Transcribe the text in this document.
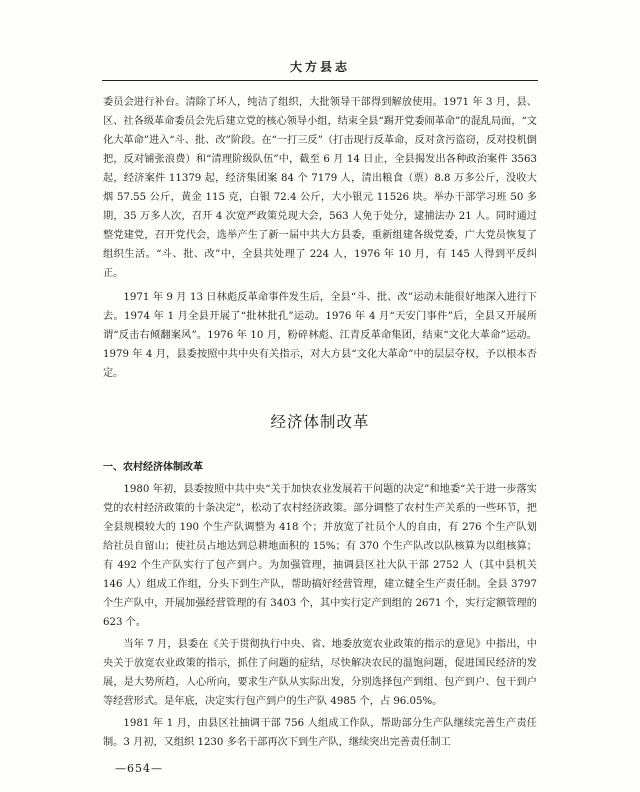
大方县志

委员会进行补台。清除了坏人，纯洁了组织，大批领导干部得到解放使用。1971 年 3 月，县、区、社各级革命委员会先后建立党的核心领导小组，结束全县“踢开党委闹革命”的混乱局面，“文化大革命”进入“斗、批、改”阶段。在“一打三反”（打击现行反革命，反对贪污盗窃，反对投机倒把，反对铺张浪费）和“清理阶级队伍”中，截至 6 月 14 日止，全县揭发出各种政治案件 3563 起，经济案件 11379 起，经济集团案 84 个 7179 人，清出粮食（票）8.8 万多公斤，没收大烟 57.55 公斤，黄金 115 克，白银 72.4 公斤，大小银元 11526 块。举办干部学习班 50 多期，35 万多人次，召开 4 次宽严政策兑现大会，563 人免于处分，逮捕法办 21 人。同时通过整党建党，召开党代会，选举产生了新一届中共大方县委，重新组建各级党委，广大党员恢复了组织生活。“斗、批、改”中，全县共处理了 224 人，1976 年 10 月，有 145 人得到平反纠正。

1971 年 9 月 13 日林彪反革命事件发生后，全县“斗、批、改”运动未能很好地深入进行下去。1974 年 1 月全县开展了“批林批孔”运动。1976 年 4 月“天安门事件”后，全县又开展所谓“反击右倾翻案风”。1976 年 10 月，粉碎林彪、江青反革命集团，结束“文化大革命”运动。1979 年 4 月，县委按照中共中央有关指示，对大方县“文化大革命”中的层层夺权，予以根本否定。

经济体制改革

一、农村经济体制改革

1980 年初，县委按照中共中央“关于加快农业发展若干问题的决定”和地委“关于进一步落实党的农村经济政策的十条决定”，松动了农村经济政策。部分调整了农村生产关系的一些环节，把全县规模较大的 190 个生产队调整为 418 个；并放宽了社员个人的自由，有 276 个生产队划给社员自留山；使社员占地达到总耕地面积的 15%；有 370 个生产队改以队核算为以组核算；有 492 个生产队实行了包产到户。为加强管理，抽调县区社大队干部 2752 人（其中县机关 146 人）组成工作组，分头下到生产队，帮助搞好经营管理，建立健全生产责任制。全县 3797 个生产队中，开展加强经营管理的有 3403 个，其中实行定产到组的 2671 个，实行定额管理的 623 个。

当年 7 月，县委在《关于贯彻执行中央、省、地委放宽农业政策的指示的意见》中指出，中央关于放宽农业政策的指示，抓住了问题的症结，尽快解决农民的温饱问题，促进国民经济的发展，是大势所趋，人心所向，要求生产队从实际出发，分别选择包产到组、包产到户、包干到户等经营形式。是年底，决定实行包产到户的生产队 4985 个，占 96.05%。

1981 年 1 月，由县区社抽调干部 756 人组成工作队，帮助部分生产队继续完善生产责任制。3 月初，又组织 1230 多名干部再次下到生产队，继续突出完善责任制工

—654—
